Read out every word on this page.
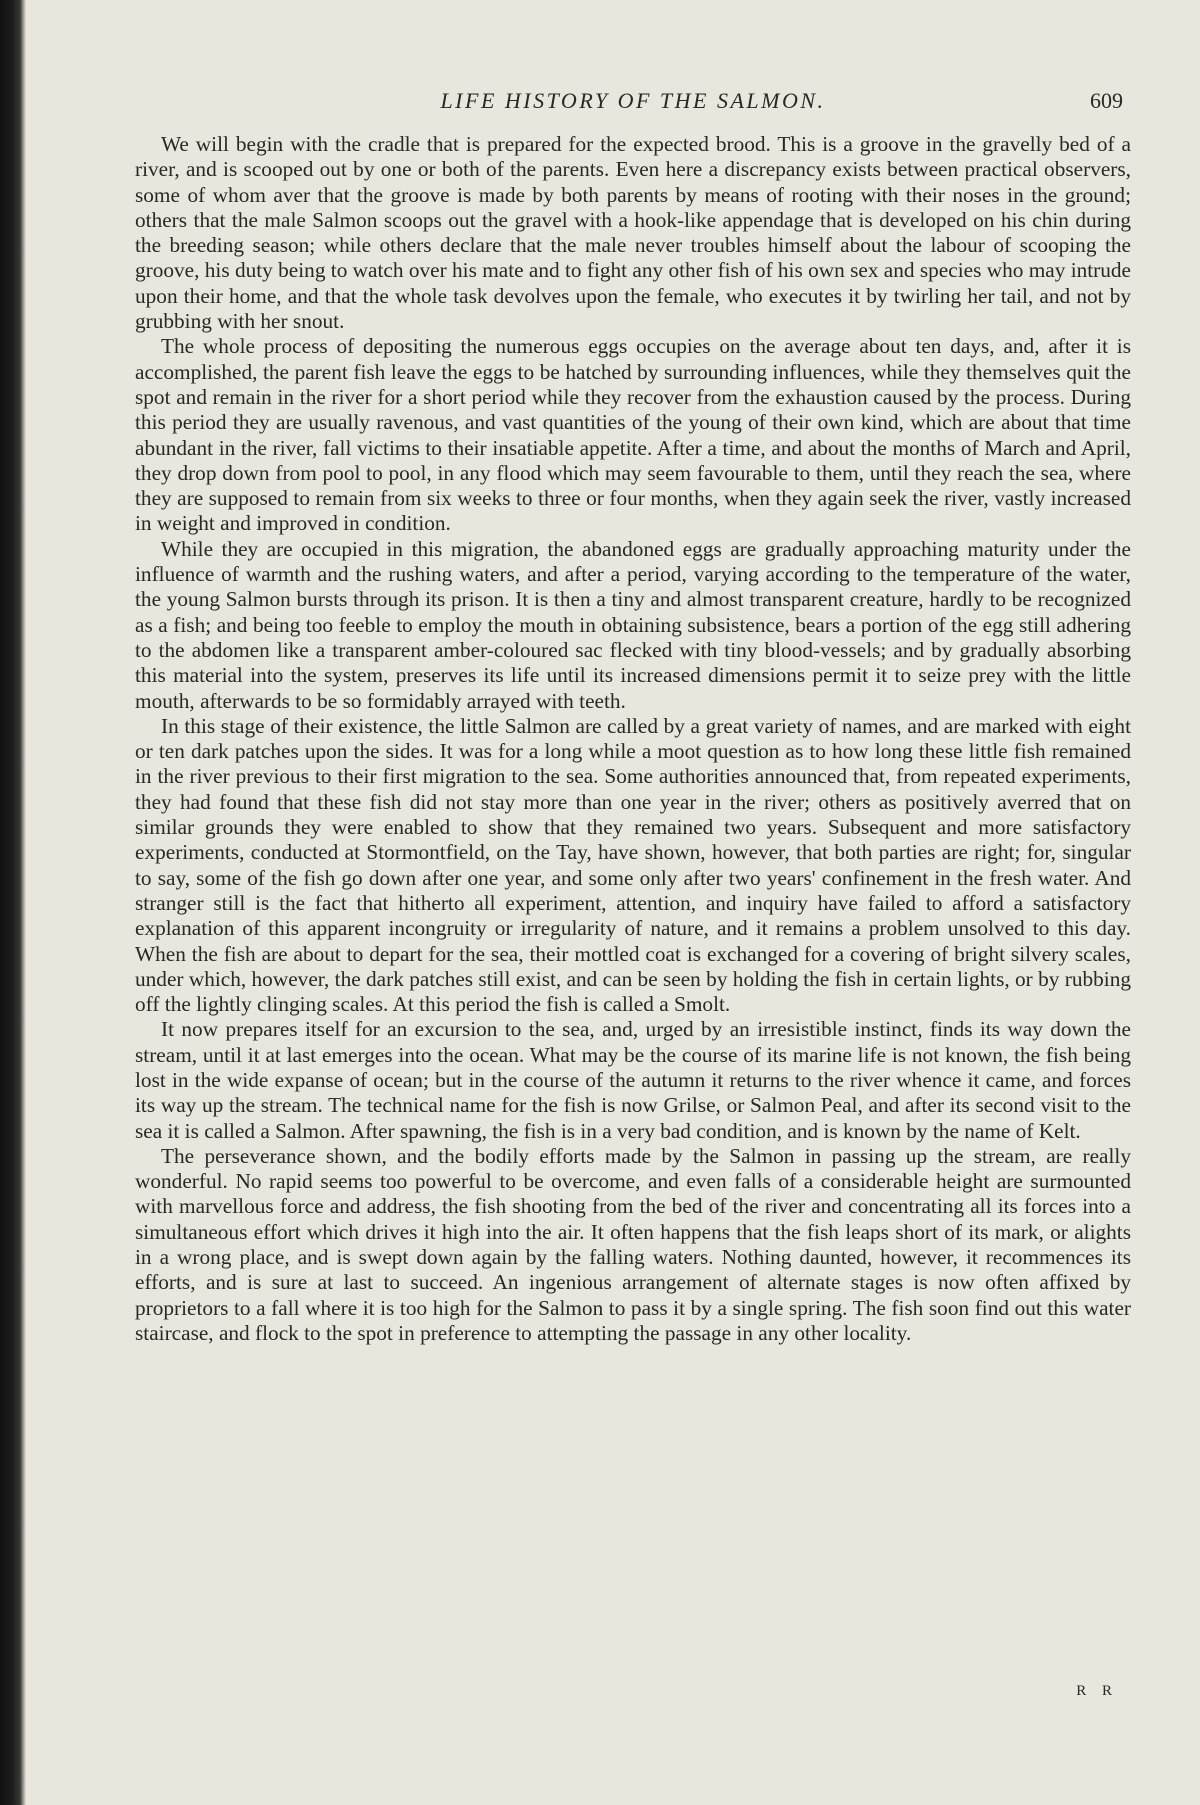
LIFE HISTORY OF THE SALMON.	609

We will begin with the cradle that is prepared for the expected brood. This is a groove in the gravelly bed of a river, and is scooped out by one or both of the parents. Even here a discrepancy exists between practical observers, some of whom aver that the groove is made by both parents by means of rooting with their noses in the ground; others that the male Salmon scoops out the gravel with a hook-like appendage that is developed on his chin during the breeding season; while others declare that the male never troubles himself about the labour of scooping the groove, his duty being to watch over his mate and to fight any other fish of his own sex and species who may intrude upon their home, and that the whole task devolves upon the female, who executes it by twirling her tail, and not by grubbing with her snout.

The whole process of depositing the numerous eggs occupies on the average about ten days, and, after it is accomplished, the parent fish leave the eggs to be hatched by surrounding influences, while they themselves quit the spot and remain in the river for a short period while they recover from the exhaustion caused by the process. During this period they are usually ravenous, and vast quantities of the young of their own kind, which are about that time abundant in the river, fall victims to their insatiable appetite. After a time, and about the months of March and April, they drop down from pool to pool, in any flood which may seem favourable to them, until they reach the sea, where they are supposed to remain from six weeks to three or four months, when they again seek the river, vastly increased in weight and improved in condition.

While they are occupied in this migration, the abandoned eggs are gradually approaching maturity under the influence of warmth and the rushing waters, and after a period, varying according to the temperature of the water, the young Salmon bursts through its prison. It is then a tiny and almost transparent creature, hardly to be recognized as a fish; and being too feeble to employ the mouth in obtaining subsistence, bears a portion of the egg still adhering to the abdomen like a transparent amber-coloured sac flecked with tiny blood-vessels; and by gradually absorbing this material into the system, preserves its life until its increased dimensions permit it to seize prey with the little mouth, afterwards to be so formidably arrayed with teeth.

In this stage of their existence, the little Salmon are called by a great variety of names, and are marked with eight or ten dark patches upon the sides. It was for a long while a moot question as to how long these little fish remained in the river previous to their first migration to the sea. Some authorities announced that, from repeated experiments, they had found that these fish did not stay more than one year in the river; others as positively averred that on similar grounds they were enabled to show that they remained two years. Subsequent and more satisfactory experiments, conducted at Stormontfield, on the Tay, have shown, however, that both parties are right; for, singular to say, some of the fish go down after one year, and some only after two years' confinement in the fresh water. And stranger still is the fact that hitherto all experiment, attention, and inquiry have failed to afford a satisfactory explanation of this apparent incongruity or irregularity of nature, and it remains a problem unsolved to this day. When the fish are about to depart for the sea, their mottled coat is exchanged for a covering of bright silvery scales, under which, however, the dark patches still exist, and can be seen by holding the fish in certain lights, or by rubbing off the lightly clinging scales. At this period the fish is called a Smolt.

It now prepares itself for an excursion to the sea, and, urged by an irresistible instinct, finds its way down the stream, until it at last emerges into the ocean. What may be the course of its marine life is not known, the fish being lost in the wide expanse of ocean; but in the course of the autumn it returns to the river whence it came, and forces its way up the stream. The technical name for the fish is now Grilse, or Salmon Peal, and after its second visit to the sea it is called a Salmon. After spawning, the fish is in a very bad condition, and is known by the name of Kelt.

The perseverance shown, and the bodily efforts made by the Salmon in passing up the stream, are really wonderful. No rapid seems too powerful to be overcome, and even falls of a considerable height are surmounted with marvellous force and address, the fish shooting from the bed of the river and concentrating all its forces into a simultaneous effort which drives it high into the air. It often happens that the fish leaps short of its mark, or alights in a wrong place, and is swept down again by the falling waters. Nothing daunted, however, it recommences its efforts, and is sure at last to succeed. An ingenious arrangement of alternate stages is now often affixed by proprietors to a fall where it is too high for the Salmon to pass it by a single spring. The fish soon find out this water staircase, and flock to the spot in preference to attempting the passage in any other locality.

R R
